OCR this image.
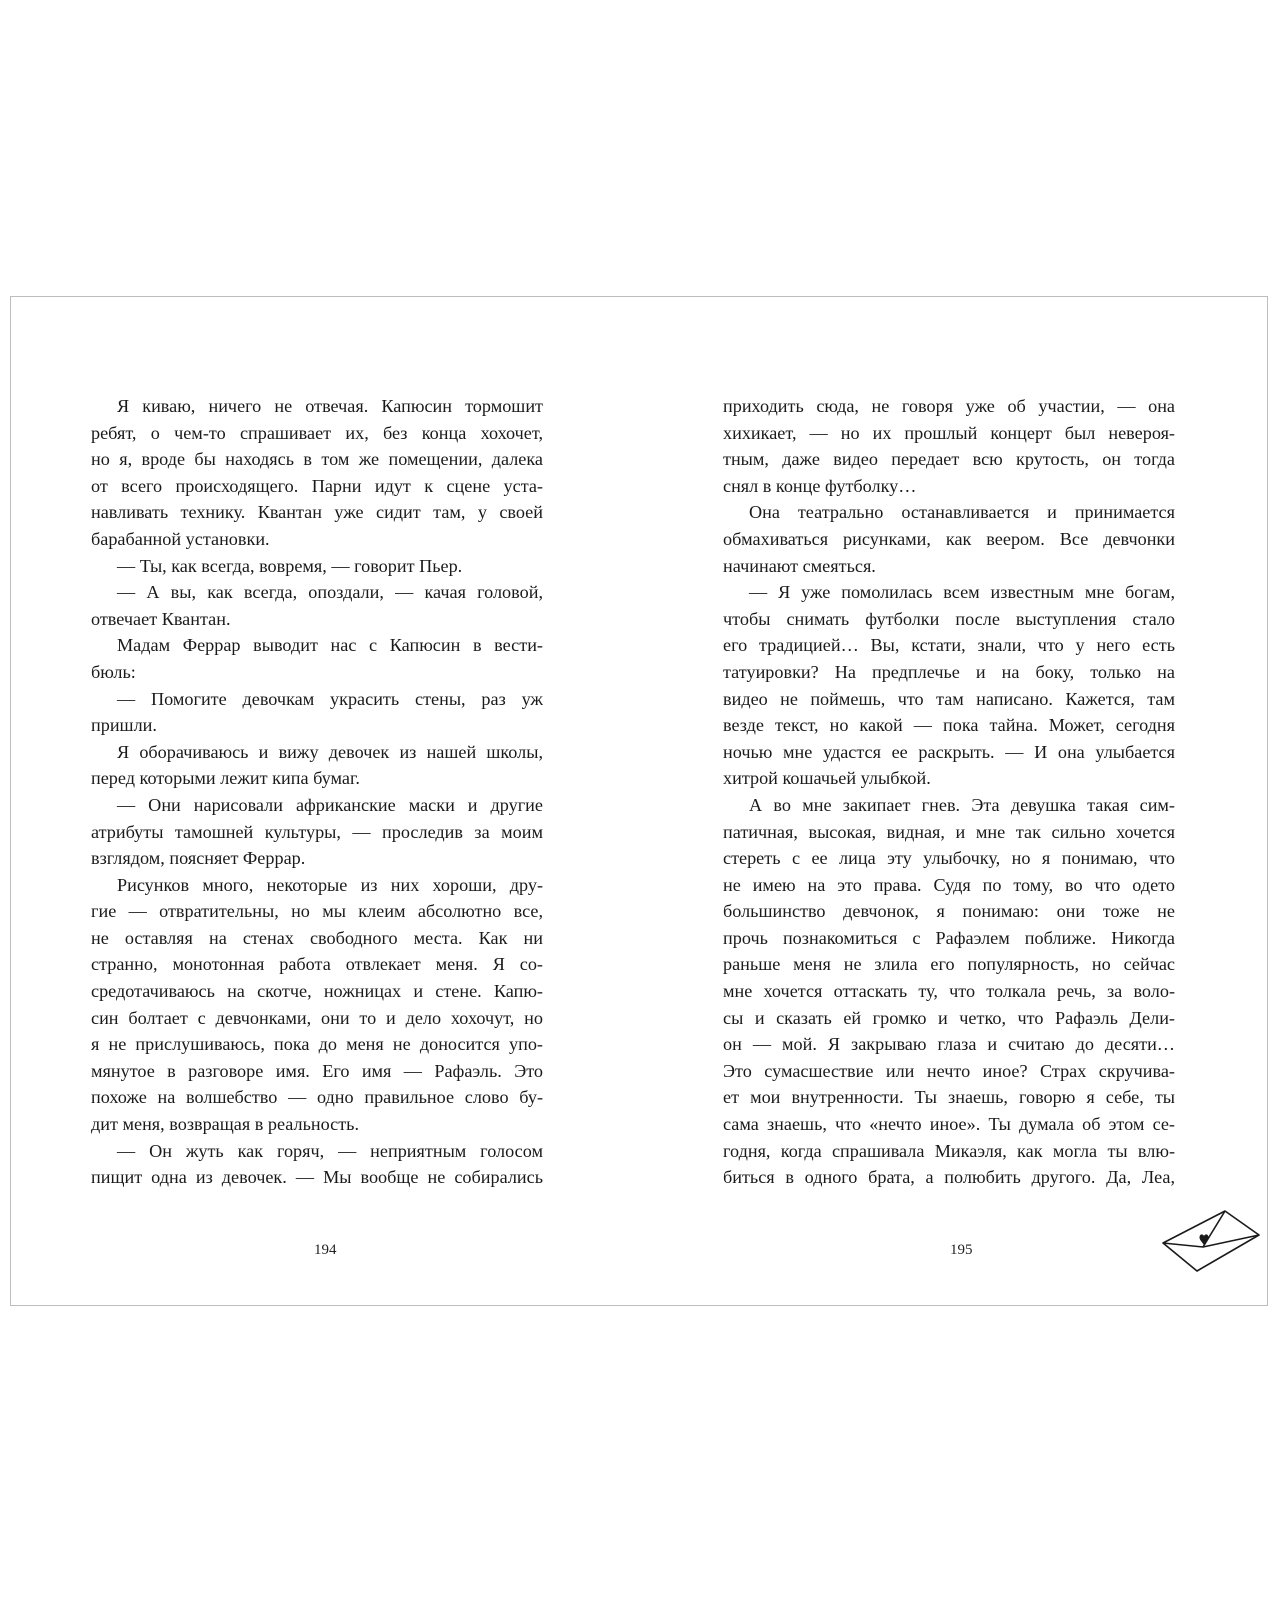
Я киваю, ничего не отвечая. Капюсин тормошит
ребят, о чем-то спрашивает их, без конца хохочет,
но я, вроде бы находясь в том же помещении, далека
от всего происходящего. Парни идут к сцене уста-
навливать технику. Квантан уже сидит там, у своей
барабанной установки.
— Ты, как всегда, вовремя, — говорит Пьер.
— А вы, как всегда, опоздали, — качая головой,
отвечает Квантан.
Мадам Феррар выводит нас с Капюсин в вести-
бюль:
— Помогите девочкам украсить стены, раз уж
пришли.
Я оборачиваюсь и вижу девочек из нашей школы,
перед которыми лежит кипа бумаг.
— Они нарисовали африканские маски и другие
атрибуты тамошней культуры, — проследив за моим
взглядом, поясняет Феррар.
Рисунков много, некоторые из них хороши, дру-
гие — отвратительны, но мы клеим абсолютно все,
не оставляя на стенах свободного места. Как ни
странно, монотонная работа отвлекает меня. Я со-
средотачиваюсь на скотче, ножницах и стене. Капю-
син болтает с девчонками, они то и дело хохочут, но
я не прислушиваюсь, пока до меня не доносится упо-
мянутое в разговоре имя. Его имя — Рафаэль. Это
похоже на волшебство — одно правильное слово бу-
дит меня, возвращая в реальность.
— Он жуть как горяч, — неприятным голосом
пищит одна из девочек. — Мы вообще не собирались
приходить сюда, не говоря уже об участии, — она
хихикает, — но их прошлый концерт был невероя-
тным, даже видео передает всю крутость, он тогда
снял в конце футболку…
Она театрально останавливается и принимается
обмахиваться рисунками, как веером. Все девчонки
начинают смеяться.
— Я уже помолилась всем известным мне богам,
чтобы снимать футболки после выступления стало
его традицией… Вы, кстати, знали, что у него есть
татуировки? На предплечье и на боку, только на
видео не поймешь, что там написано. Кажется, там
везде текст, но какой — пока тайна. Может, сегодня
ночью мне удастся ее раскрыть. — И она улыбается
хитрой кошачьей улыбкой.
А во мне закипает гнев. Эта девушка такая сим-
патичная, высокая, видная, и мне так сильно хочется
стереть с ее лица эту улыбочку, но я понимаю, что
не имею на это права. Судя по тому, во что одето
большинство девчонок, я понимаю: они тоже не
прочь познакомиться с Рафаэлем поближе. Никогда
раньше меня не злила его популярность, но сейчас
мне хочется оттаскать ту, что толкала речь, за воло-
сы и сказать ей громко и четко, что Рафаэль Дели-
он — мой. Я закрываю глаза и считаю до десяти…
Это сумасшествие или нечто иное? Страх скручива-
ет мои внутренности. Ты знаешь, говорю я себе, ты
сама знаешь, что «нечто иное». Ты думала об этом се-
годня, когда спрашивала Микаэля, как могла ты влю-
биться в одного брата, а полюбить другого. Да, Леа,
194	195
